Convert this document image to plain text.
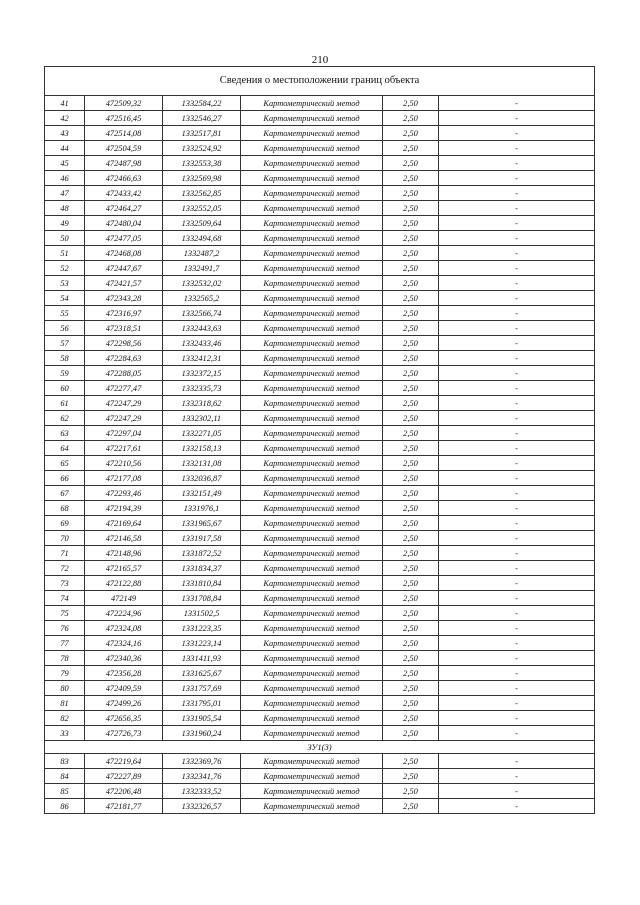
210
Сведения о местоположении границ объекта					
41	472509,32	1332584,22	Картометрический метод	2,50	-
42	472516,45	1332546,27	Картометрический метод	2,50	-
43	472514,08	1332517,81	Картометрический метод	2,50	-
44	472504,59	1332524,92	Картометрический метод	2,50	-
45	472487,98	1332553,38	Картометрический метод	2,50	-
46	472466,63	1332569,98	Картометрический метод	2,50	-
47	472433,42	1332562,85	Картометрический метод	2,50	-
48	472464,27	1332552,05	Картометрический метод	2,50	-
49	472480,04	1332509,64	Картометрический метод	2,50	-
50	472477,05	1332494,68	Картометрический метод	2,50	-
51	472468,08	1332487,2	Картометрический метод	2,50	-
52	472447,67	1332491,7	Картометрический метод	2,50	-
53	472421,57	1332532,02	Картометрический метод	2,50	-
54	472343,28	1332565,2	Картометрический метод	2,50	-
55	472316,97	1332566,74	Картометрический метод	2,50	-
56	472318,51	1332443,63	Картометрический метод	2,50	-
57	472298,56	1332433,46	Картометрический метод	2,50	-
58	472284,63	1332412,31	Картометрический метод	2,50	-
59	472288,05	1332372,15	Картометрический метод	2,50	-
60	472277,47	1332335,73	Картометрический метод	2,50	-
61	472247,29	1332318,62	Картометрический метод	2,50	-
62	472247,29	1332302,11	Картометрический метод	2,50	-
63	472297,04	1332271,05	Картометрический метод	2,50	-
64	472217,61	1332158,13	Картометрический метод	2,50	-
65	472210,56	1332131,08	Картометрический метод	2,50	-
66	472177,08	1332036,87	Картометрический метод	2,50	-
67	472293,46	1332151,49	Картометрический метод	2,50	-
68	472194,39	1331976,1	Картометрический метод	2,50	-
69	472169,64	1331965,67	Картометрический метод	2,50	-
70	472146,58	1331917,58	Картометрический метод	2,50	-
71	472148,96	1331872,52	Картометрический метод	2,50	-
72	472165,57	1331834,37	Картометрический метод	2,50	-
73	472122,88	1331810,84	Картометрический метод	2,50	-
74	472149	1331708,84	Картометрический метод	2,50	-
75	472224,96	1331502,5	Картометрический метод	2,50	-
76	472324,08	1331223,35	Картометрический метод	2,50	-
77	472324,16	1331223,14	Картометрический метод	2,50	-
78	472340,36	1331411,93	Картометрический метод	2,50	-
79	472356,28	1331625,67	Картометрический метод	2,50	-
80	472409,59	1331757,69	Картометрический метод	2,50	-
81	472499,26	1331795,01	Картометрический метод	2,50	-
82	472656,35	1331905,54	Картометрический метод	2,50	-
33	472726,73	1331960,24	Картометрический метод	2,50	-
ЗУ1(3)					
83	472219,64	1332369,76	Картометрический метод	2,50	-
84	472227,89	1332341,76	Картометрический метод	2,50	-
85	472206,48	1332333,52	Картометрический метод	2,50	-
86	472181,77	1332326,57	Картометрический метод	2,50	-
